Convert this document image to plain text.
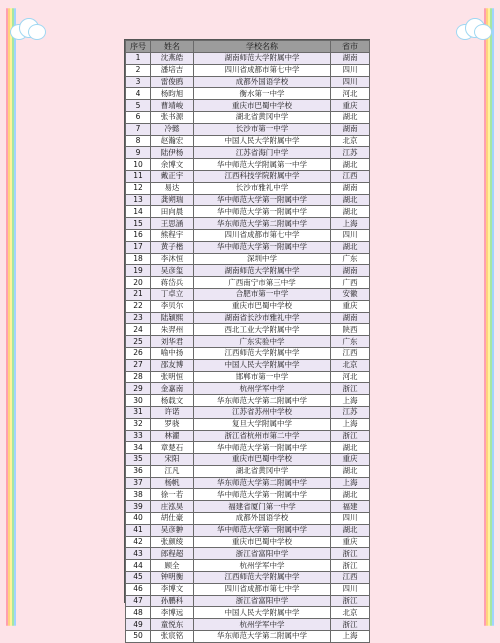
序号	姓名	学校名称	省市
1	沈燕皓	湖南师范大学附属中学	湖南
2	潘培吉	四川省成都市第七中学	四川
3	雷俊鸥	成都外国语学校	四川
4	杨昀旭	衡水第一中学	河北
5	曹靖峻	重庆市巴蜀中学校	重庆
6	张书源	湖北省黄冈中学	湖北
7	冷懿	长沙市第一中学	湖南
8	赵瀚宏	中国人民大学附属中学	北京
9	陆伊杨	江苏省海门中学	江苏
10	余博文	华中师范大学附属第一中学	湖北
11	戴正宇	江西科技学院附属中学	江西
12	易达	长沙市雅礼中学	湖南
13	龚朔瑞	华中师范大学第一附属中学	湖北
14	田向晨	华中师范大学第一附属中学	湖北
15	王思涵	华东师范大学第二附属中学	上海
16	熊程宇	四川省成都市第七中学	四川
17	黄子楷	华中师范大学第一附属中学	湖北
18	李沐恒	深圳中学	广东
19	吴彦玺	湖南师范大学附属中学	湖南
20	蒋岱兵	广西南宁市第三中学	广西
21	丁卓立	合肥市第一中学	安徽
22	李贝尔	重庆市巴蜀中学校	重庆
23	陆颖熙	湖南省长沙市雅礼中学	湖南
24	朱羿州	西北工业大学附属中学	陕西
25	刘华君	广东实验中学	广东
26	喻中扬	江西师范大学附属中学	江西
27	邵友博	中国人民大学附属中学	北京
28	张明恒	邯郸市第一中学	河北
29	金嘉南	杭州学军中学	浙江
30	杨载文	华东师范大学第二附属中学	上海
31	许诺	江苏省苏州中学校	江苏
32	罗骁	复旦大学附属中学	上海
33	林濯	浙江省杭州市第二中学	浙江
34	章楚石	华中师范大学第一附属中学	湖北
35	宋阳	重庆市巴蜀中学校	重庆
36	江凡	湖北省黄冈中学	湖北
37	杨帆	华东师范大学第二附属中学	上海
38	徐一若	华中师范大学第一附属中学	湖北
39	庄泓昊	福建省厦门第一中学	福建
40	胡仕豪	成都外国语学校	四川
41	吴彦翀	华中师范大学第一附属中学	湖北
42	张颜绫	重庆市巴蜀中学校	重庆
43	郎程超	浙江省富阳中学	浙江
44	顾全	杭州学军中学	浙江
45	钟明衡	江西师范大学附属中学	江西
46	李博文	四川省成都市第七中学	四川
47	孙鹏科	浙江省富阳中学	浙江
48	李博远	中国人民大学附属中学	北京
49	童悦东	杭州学军中学	浙江
50	张宸铭	华东师范大学第二附属中学	上海
